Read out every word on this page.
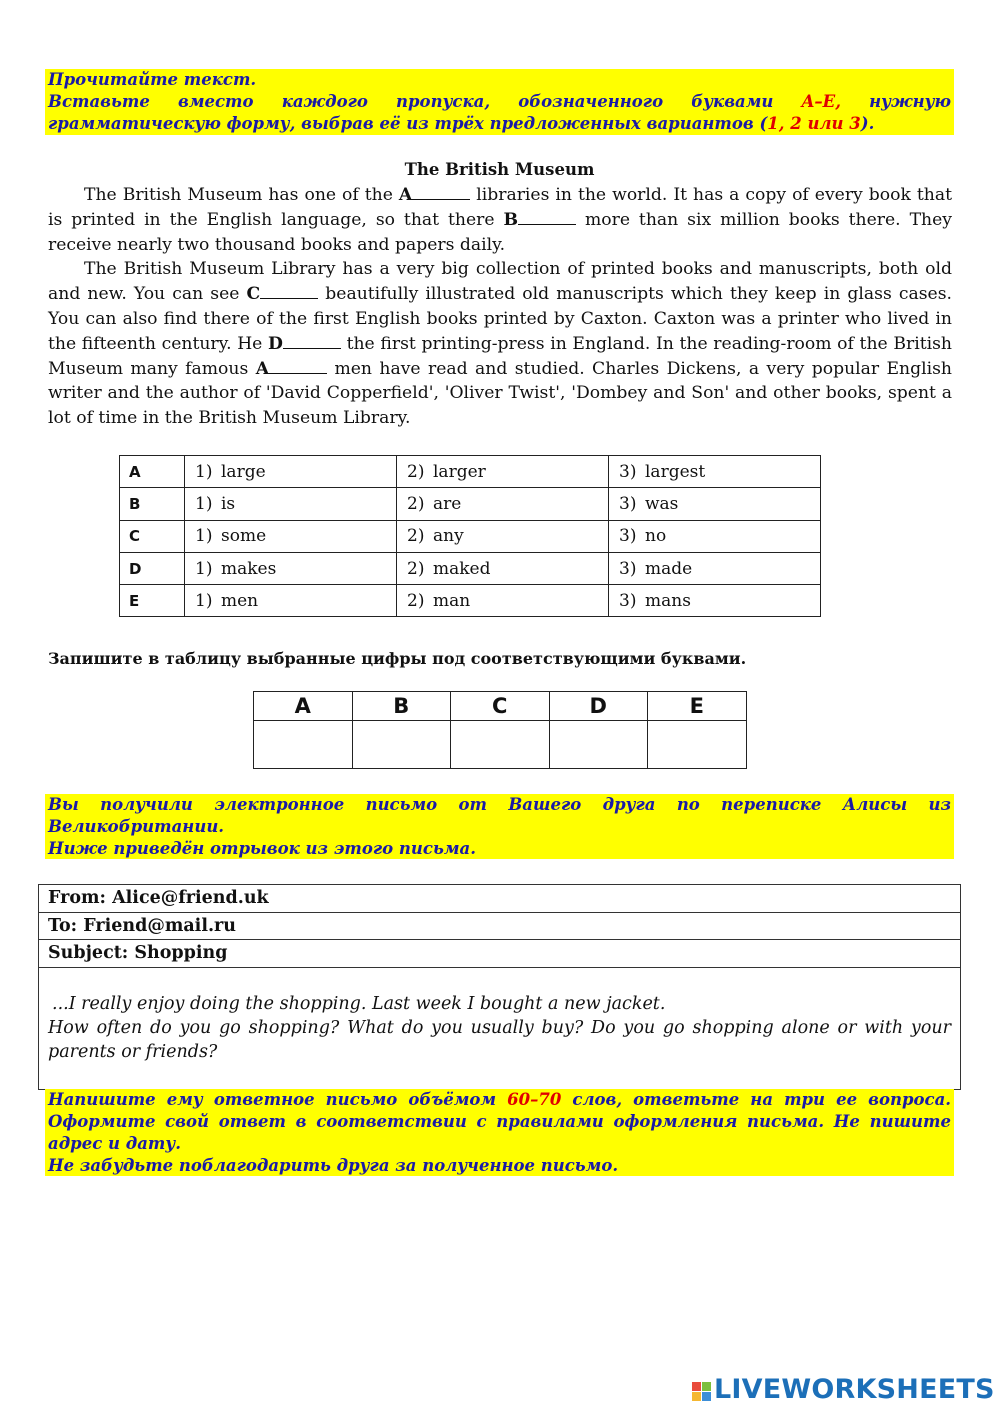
Прочитайте текст.
Вставьте вместо каждого пропуска, обозначенного буквами A–E, нужную грамматическую форму, выбрав её из трёх предложенных вариантов (1, 2 или 3).
The British Museum

The British Museum has one of the A	libraries in the world. It has a copy of every book that is printed in the English language, so that there B	more than six million books there. They receive nearly two thousand books and papers daily.

The British Museum Library has a very big collection of printed books and manuscripts, both old and new. You can see C	beautifully illustrated old manuscripts which they keep in glass cases. You can also find there of the first English books printed by Caxton. Caxton was a printer who lived in the fifteenth century. He D	the first printing-press in England. In the reading-room of the British Museum many famous A	men have read and studied. Charles Dickens, a very popular English writer and the author of 'David Copperfield', 'Oliver Twist', 'Dombey and Son' and other books, spent a lot of time in the British Museum Library.

A	1) large	2) larger	3) largest
B	1) is	2) are	3) was
C	1) some	2) any	3) no
D	1) makes	2) maked	3) made
E	1) men	2) man	3) mans
Запишите в таблицу выбранные цифры под соответствующими буквами.
A	B	C	D	E

Вы получили электронное письмо от Вашего друга по переписке Алисы из Великобритании.
Ниже приведён отрывок из этого письма.
From: Alice@friend.uk
To: Friend@mail.ru
Subject: Shopping
...I really enjoy doing the shopping. Last week I bought a new jacket.
How often do you go shopping? What do you usually buy? Do you go shopping alone or with your parents or friends?
Напишите ему ответное письмо объёмом 60–70 слов, ответьте на три ее вопроса. Оформите свой ответ в соответствии с правилами оформления письма. Не пишите адрес и дату.
Не забудьте поблагодарить друга за полученное письмо.
LIVEWORKSHEETS
